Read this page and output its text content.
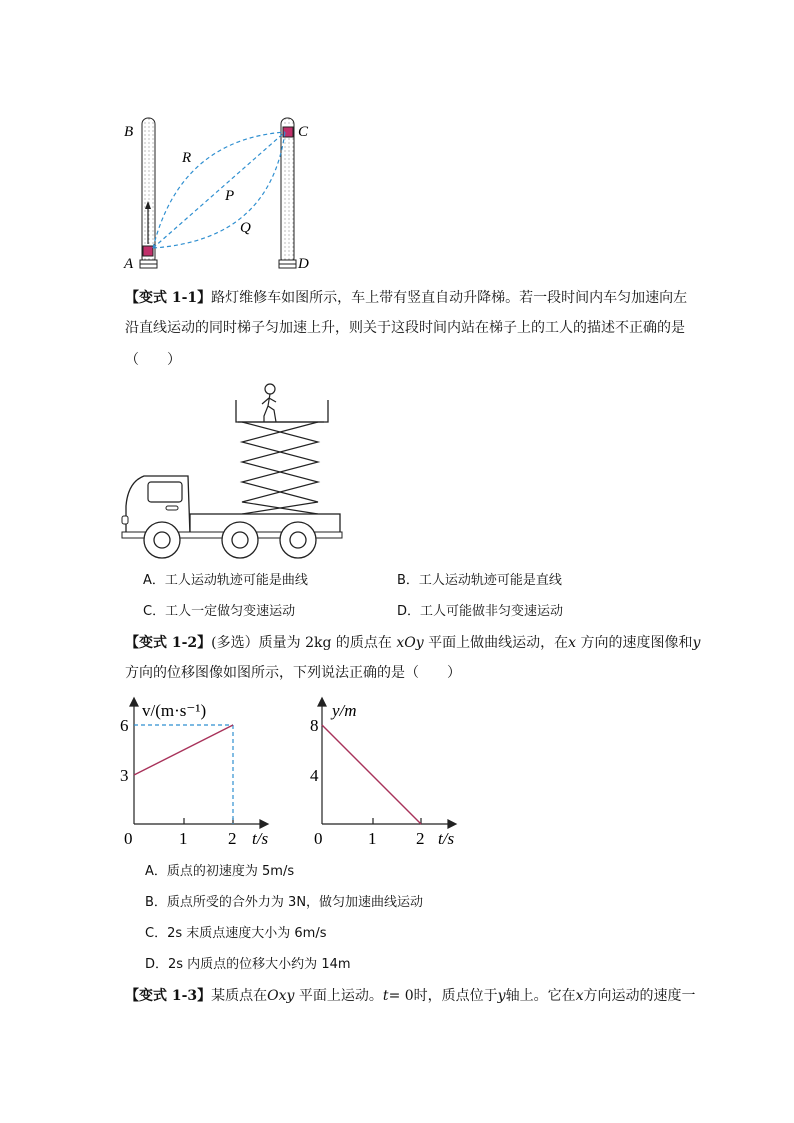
B	C
A	D
R
P
Q
【变式 1-1】路灯维修车如图所示，车上带有竖直自动升降梯。若一段时间内车匀加速向左
沿直线运动的同时梯子匀加速上升，则关于这段时间内站在梯子上的工人的描述不正确的是
（　　）
A．工人运动轨迹可能是曲线	B．工人运动轨迹可能是直线
C．工人一定做匀变速运动	D．工人可能做非匀变速运动
【变式 1-2】(多选）质量为 2kg 的质点在 xOy 平面上做曲线运动，在x 方向的速度图像和y
方向的位移图像如图所示，下列说法正确的是（　　）
v/(m·s⁻¹)
6
3
0	1 2 t/s
y/m
8
4
0	1 2 t/s
A．质点的初速度为 5m/s
B．质点所受的合外力为 3N，做匀加速曲线运动
C．2s 末质点速度大小为 6m/s
D．2s 内质点的位移大小约为 14m
【变式 1-3】某质点在Oxy 平面上运动。t= 0时，质点位于y轴上。它在x方向运动的速度一
